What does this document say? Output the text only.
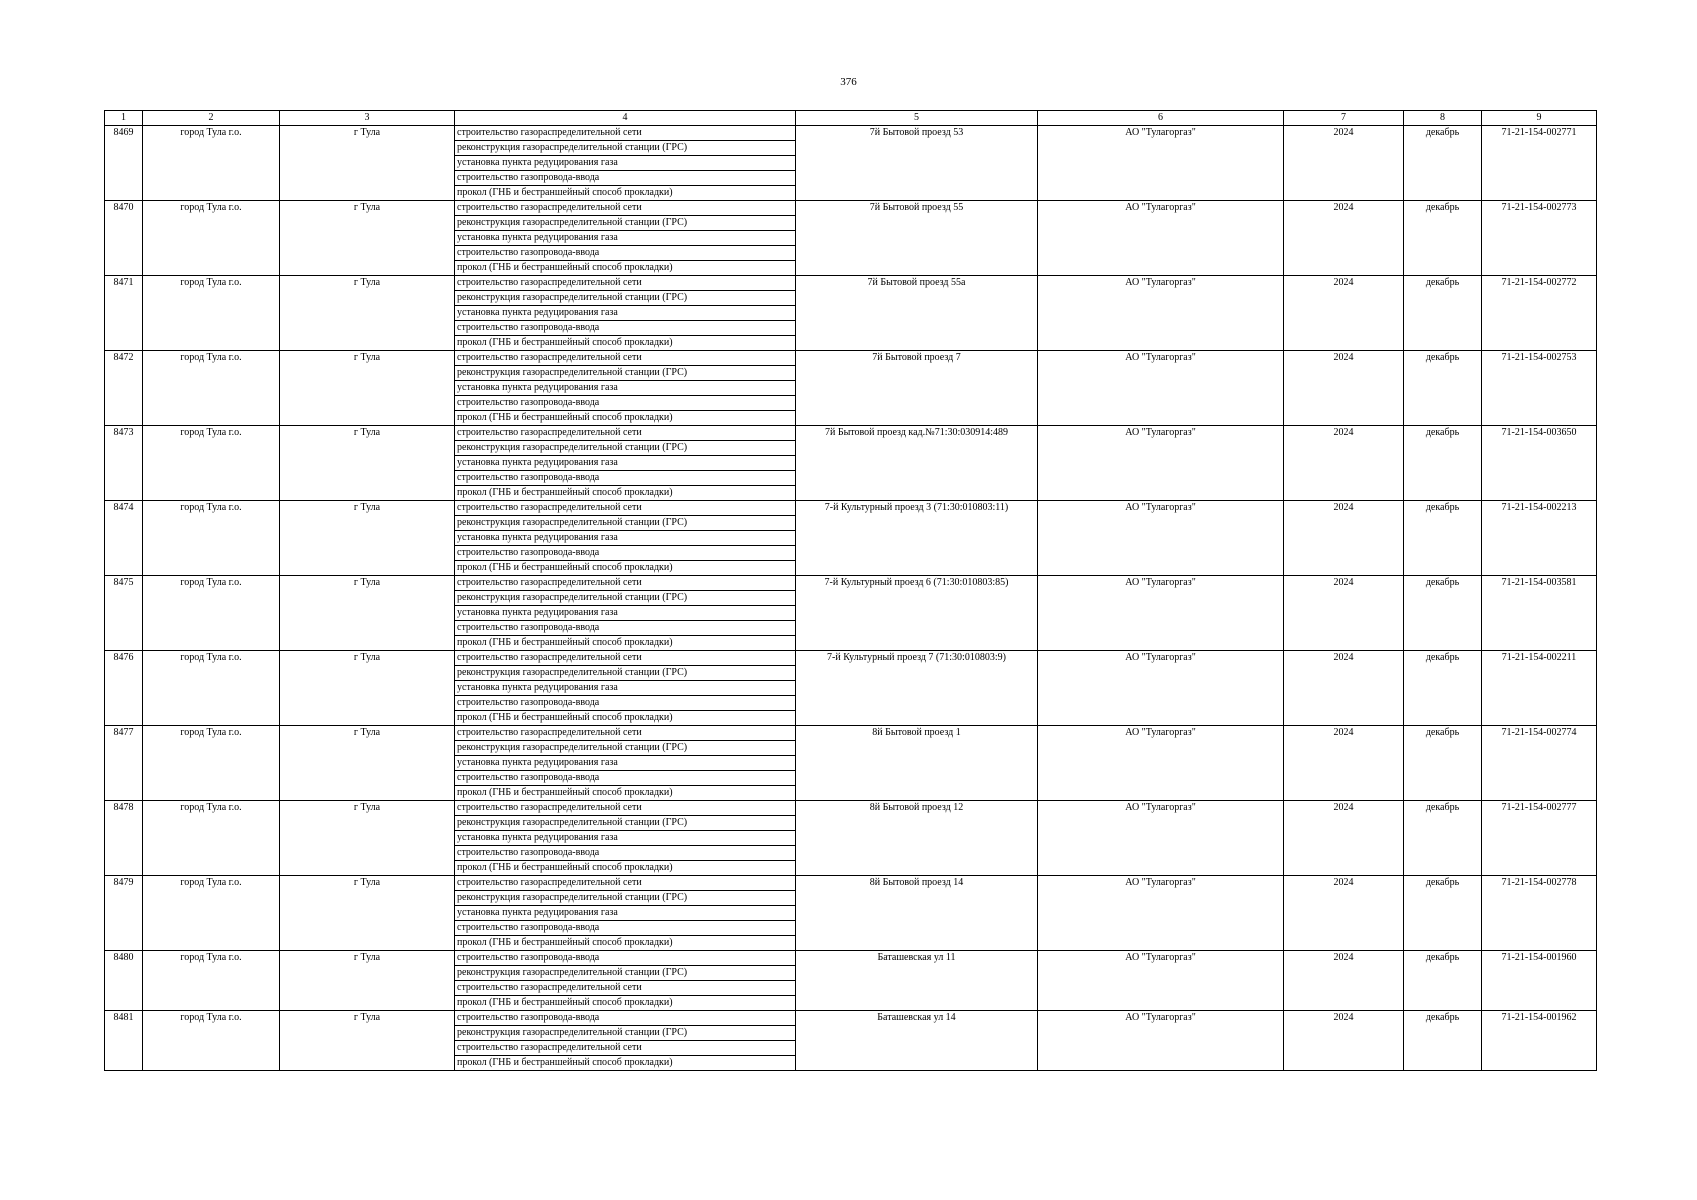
376
1	2	3	4	5	6	7	8	9
8469	город Тула г.о.	г Тула	строительство газораспределительной сети
реконструкция газораспределительной станции (ГРС)
установка пункта редуцирования газа
строительство газопровода-ввода
прокол (ГНБ и бестраншейный способ прокладки)	7й Бытовой проезд 53	АО "Тулагоргаз"	2024	декабрь	71-21-154-002771
8470	город Тула г.о.	г Тула	строительство газораспределительной сети
реконструкция газораспределительной станции (ГРС)
установка пункта редуцирования газа
строительство газопровода-ввода
прокол (ГНБ и бестраншейный способ прокладки)	7й Бытовой проезд 55	АО "Тулагоргаз"	2024	декабрь	71-21-154-002773
8471	город Тула г.о.	г Тула	строительство газораспределительной сети
реконструкция газораспределительной станции (ГРС)
установка пункта редуцирования газа
строительство газопровода-ввода
прокол (ГНБ и бестраншейный способ прокладки)	7й Бытовой проезд 55а	АО "Тулагоргаз"	2024	декабрь	71-21-154-002772
8472	город Тула г.о.	г Тула	строительство газораспределительной сети
реконструкция газораспределительной станции (ГРС)
установка пункта редуцирования газа
строительство газопровода-ввода
прокол (ГНБ и бестраншейный способ прокладки)	7й Бытовой проезд 7	АО "Тулагоргаз"	2024	декабрь	71-21-154-002753
8473	город Тула г.о.	г Тула	строительство газораспределительной сети
реконструкция газораспределительной станции (ГРС)
установка пункта редуцирования газа
строительство газопровода-ввода
прокол (ГНБ и бестраншейный способ прокладки)	7й Бытовой проезд кад.№71:30:030914:489	АО "Тулагоргаз"	2024	декабрь	71-21-154-003650
8474	город Тула г.о.	г Тула	строительство газораспределительной сети
реконструкция газораспределительной станции (ГРС)
установка пункта редуцирования газа
строительство газопровода-ввода
прокол (ГНБ и бестраншейный способ прокладки)	7-й Культурный проезд 3 (71:30:010803:11)	АО "Тулагоргаз"	2024	декабрь	71-21-154-002213
8475	город Тула г.о.	г Тула	строительство газораспределительной сети
реконструкция газораспределительной станции (ГРС)
установка пункта редуцирования газа
строительство газопровода-ввода
прокол (ГНБ и бестраншейный способ прокладки)	7-й Культурный проезд 6 (71:30:010803:85)	АО "Тулагоргаз"	2024	декабрь	71-21-154-003581
8476	город Тула г.о.	г Тула	строительство газораспределительной сети
реконструкция газораспределительной станции (ГРС)
установка пункта редуцирования газа
строительство газопровода-ввода
прокол (ГНБ и бестраншейный способ прокладки)	7-й Культурный проезд 7 (71:30:010803:9)	АО "Тулагоргаз"	2024	декабрь	71-21-154-002211
8477	город Тула г.о.	г Тула	строительство газораспределительной сети
реконструкция газораспределительной станции (ГРС)
установка пункта редуцирования газа
строительство газопровода-ввода
прокол (ГНБ и бестраншейный способ прокладки)	8й Бытовой проезд 1	АО "Тулагоргаз"	2024	декабрь	71-21-154-002774
8478	город Тула г.о.	г Тула	строительство газораспределительной сети
реконструкция газораспределительной станции (ГРС)
установка пункта редуцирования газа
строительство газопровода-ввода
прокол (ГНБ и бестраншейный способ прокладки)	8й Бытовой проезд 12	АО "Тулагоргаз"	2024	декабрь	71-21-154-002777
8479	город Тула г.о.	г Тула	строительство газораспределительной сети
реконструкция газораспределительной станции (ГРС)
установка пункта редуцирования газа
строительство газопровода-ввода
прокол (ГНБ и бестраншейный способ прокладки)	8й Бытовой проезд 14	АО "Тулагоргаз"	2024	декабрь	71-21-154-002778
8480	город Тула г.о.	г Тула	строительство газопровода-ввода
реконструкция газораспределительной станции (ГРС)
строительство газораспределительной сети
прокол (ГНБ и бестраншейный способ прокладки)	Баташевская ул 11	АО "Тулагоргаз"	2024	декабрь	71-21-154-001960
8481	город Тула г.о.	г Тула	строительство газопровода-ввода
реконструкция газораспределительной станции (ГРС)
строительство газораспределительной сети
прокол (ГНБ и бестраншейный способ прокладки)	Баташевская ул 14	АО "Тулагоргаз"	2024	декабрь	71-21-154-001962
